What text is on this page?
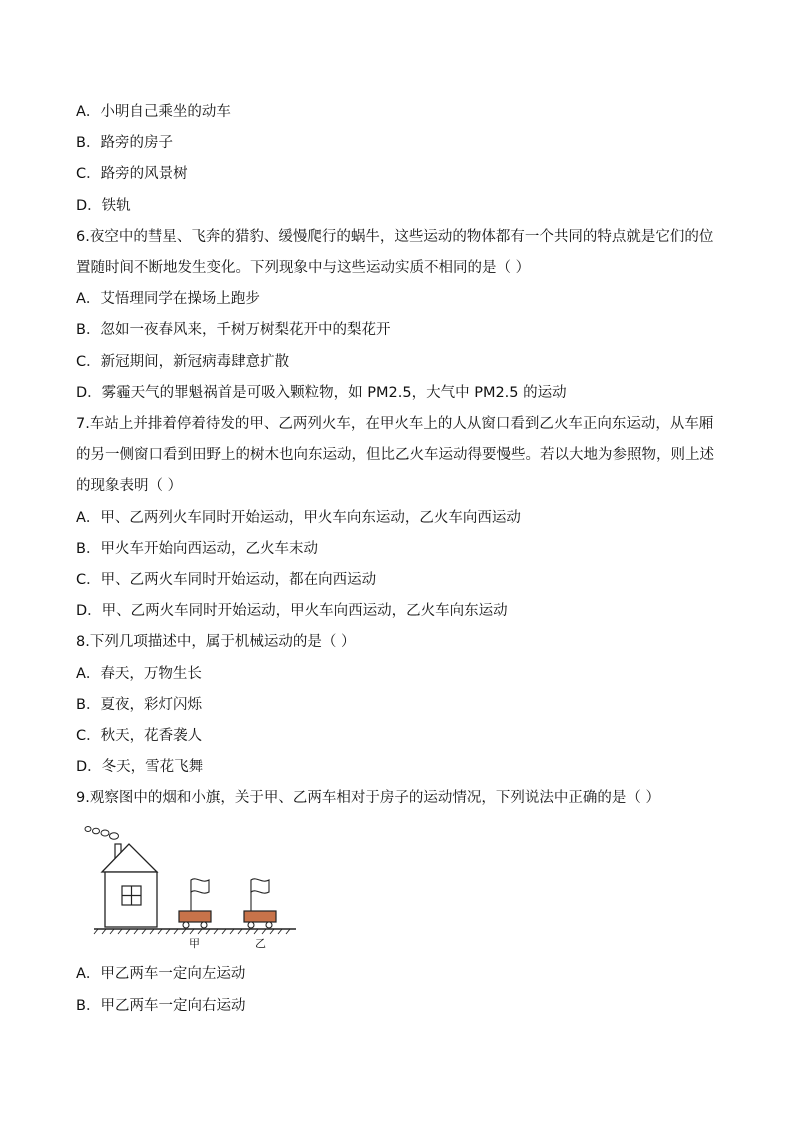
A．小明自己乘坐的动车

B．路旁的房子

C．路旁的风景树

D．铁轨

6.夜空中的彗星、飞奔的猎豹、缓慢爬行的蜗牛，这些运动的物体都有一个共同的特点就是它们的位

置随时间不断地发生变化。下列现象中与这些运动实质不相同的是（ ）

A．艾悟理同学在操场上跑步

B．忽如一夜春风来，千树万树梨花开中的梨花开

C．新冠期间，新冠病毒肆意扩散

D．雾霾天气的罪魁祸首是可吸入颗粒物，如 PM2.5，大气中 PM2.5 的运动

7.车站上并排着停着待发的甲、乙两列火车，在甲火车上的人从窗口看到乙火车正向东运动，从车厢

的另一侧窗口看到田野上的树木也向东运动，但比乙火车运动得要慢些。若以大地为参照物，则上述

的现象表明（ ）

A．甲、乙两列火车同时开始运动，甲火车向东运动，乙火车向西运动

B．甲火车开始向西运动，乙火车末动

C．甲、乙两火车同时开始运动，都在向西运动

D．甲、乙两火车同时开始运动，甲火车向西运动，乙火车向东运动

8.下列几项描述中，属于机械运动的是（ ）

A．春天，万物生长

B．夏夜，彩灯闪烁

C．秋天，花香袭人

D．冬天，雪花飞舞

9.观察图中的烟和小旗，关于甲、乙两车相对于房子的运动情况，下列说法中正确的是（ ）

甲	乙

A．甲乙两车一定向左运动

B．甲乙两车一定向右运动
